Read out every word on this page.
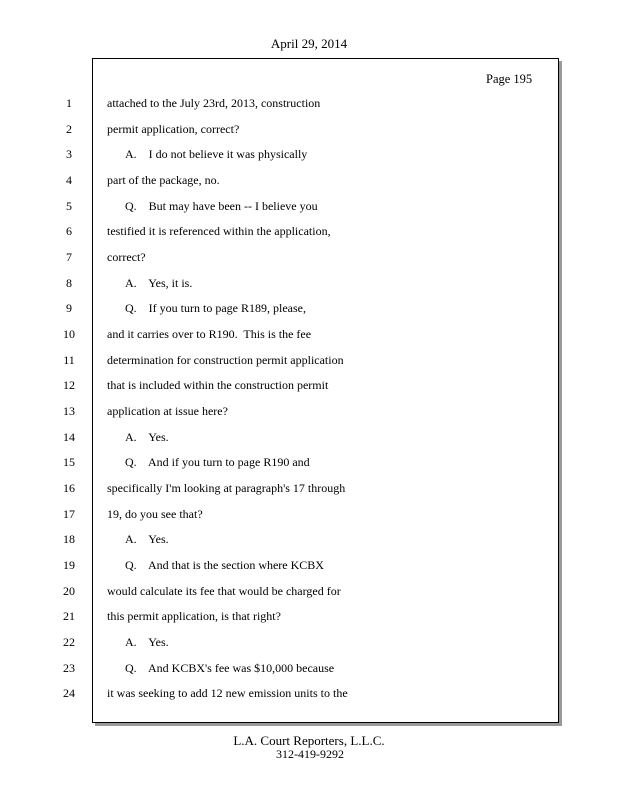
April 29, 2014
Page 195
1	attached to the July 23rd, 2013, construction
2	permit application, correct?
3	A.    I do not believe it was physically
4	part of the package, no.
5	Q.    But may have been -- I believe you
6	testified it is referenced within the application,
7	correct?
8	A.    Yes, it is.
9	Q.    If you turn to page R189, please,
10	and it carries over to R190.  This is the fee
11	determination for construction permit application
12	that is included within the construction permit
13	application at issue here?
14	A.    Yes.
15	Q.    And if you turn to page R190 and
16	specifically I'm looking at paragraph's 17 through
17	19, do you see that?
18	A.    Yes.
19	Q.    And that is the section where KCBX
20	would calculate its fee that would be charged for
21	this permit application, is that right?
22	A.    Yes.
23	Q.    And KCBX's fee was $10,000 because
24	it was seeking to add 12 new emission units to the
L.A. Court Reporters, L.L.C.
312-419-9292
